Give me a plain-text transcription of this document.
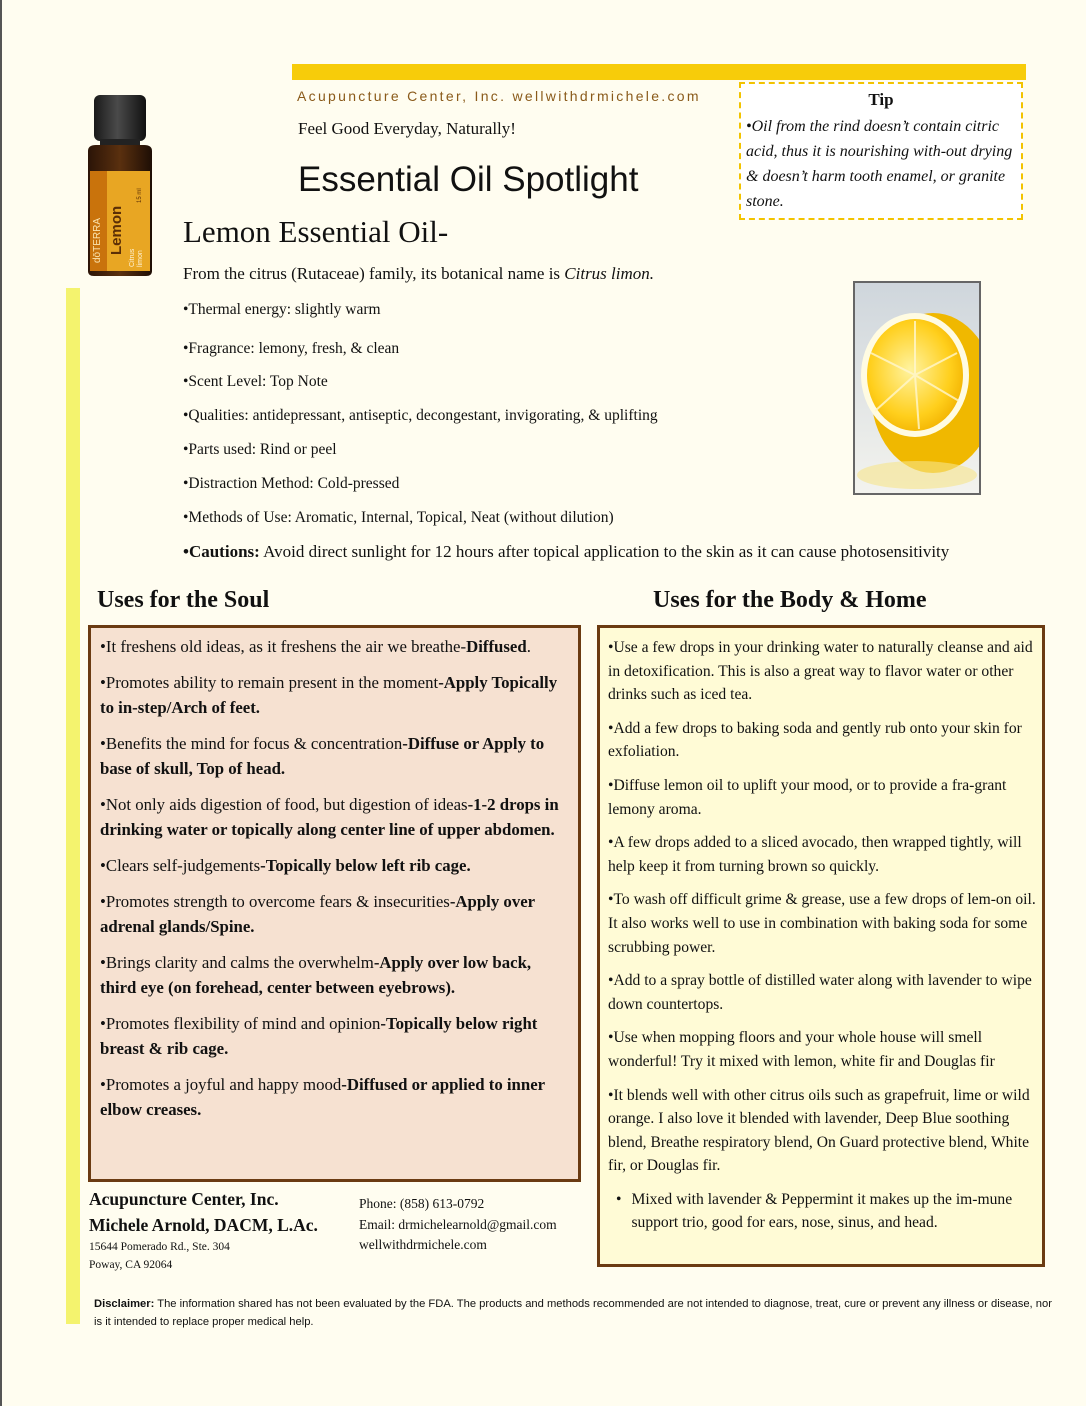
dōTERRA Lemon
Citrus limon
15 ml
Acupuncture Center, Inc. wellwithdrmichele.com
Feel Good Everyday, Naturally!
Essential Oil Spotlight
Lemon Essential Oil-
Tip
•Oil from the rind doesn’t contain citric acid, thus it is nourishing with-out drying & doesn’t harm tooth enamel, or granite stone.
From the citrus (Rutaceae) family, its botanical name is Citrus limon.
•Thermal energy: slightly warm
•Fragrance: lemony, fresh, & clean
•Scent Level: Top Note
•Qualities: antidepressant, antiseptic, decongestant, invigorating, & uplifting
•Parts used: Rind or peel
•Distraction Method: Cold-pressed
•Methods of Use: Aromatic, Internal, Topical, Neat (without dilution)
•Cautions: Avoid direct sunlight for 12 hours after topical application to the skin as it can cause photosensitivity
Uses for the Soul	Uses for the Body & Home
•It freshens old ideas, as it freshens the air we breathe-Diffused.
•Promotes ability to remain present in the moment-Apply Topically to in-step/Arch of feet.
•Benefits the mind for focus & concentration-Diffuse or Apply to base of skull, Top of head.
•Not only aids digestion of food, but digestion of ideas-1-2 drops in drinking water or topically along center line of upper abdomen.
•Clears self-judgements-Topically below left rib cage.
•Promotes strength to overcome fears & insecurities-Apply over adrenal glands/Spine.
•Brings clarity and calms the overwhelm-Apply over low back, third eye (on forehead, center between eyebrows).
•Promotes flexibility of mind and opinion-Topically below right breast & rib cage.
•Promotes a joyful and happy mood-Diffused or applied to inner elbow creases.
•Use a few drops in your drinking water to naturally cleanse and aid in detoxification. This is also a great way to flavor water or other drinks such as iced tea.
•Add a few drops to baking soda and gently rub onto your skin for exfoliation.
•Diffuse lemon oil to uplift your mood, or to provide a fra-grant lemony aroma.
•A few drops added to a sliced avocado, then wrapped tightly, will help keep it from turning brown so quickly.
•To wash off difficult grime & grease, use a few drops of lem-on oil. It also works well to use in combination with baking soda for some scrubbing power.
•Add to a spray bottle of distilled water along with lavender to wipe down countertops.
•Use when mopping floors and your whole house will smell wonderful! Try it mixed with lemon, white fir and Douglas fir
•It blends well with other citrus oils such as grapefruit, lime or wild orange. I also love it blended with lavender, Deep Blue soothing blend, Breathe respiratory blend, On Guard protective blend, White fir, or Douglas fir.
• Mixed with lavender & Peppermint it makes up the im-mune support trio, good for ears, nose, sinus, and head.
Acupuncture Center, Inc.
Michele Arnold, DACM, L.Ac.
15644 Pomerado Rd., Ste. 304
Poway, CA 92064
Phone: (858) 613-0792
Email: drmichelearnold@gmail.com
wellwithdrmichele.com
Disclaimer: The information shared has not been evaluated by the FDA. The products and methods recommended are not intended to diagnose, treat, cure or prevent any illness or disease, nor is it intended to replace proper medical help.
